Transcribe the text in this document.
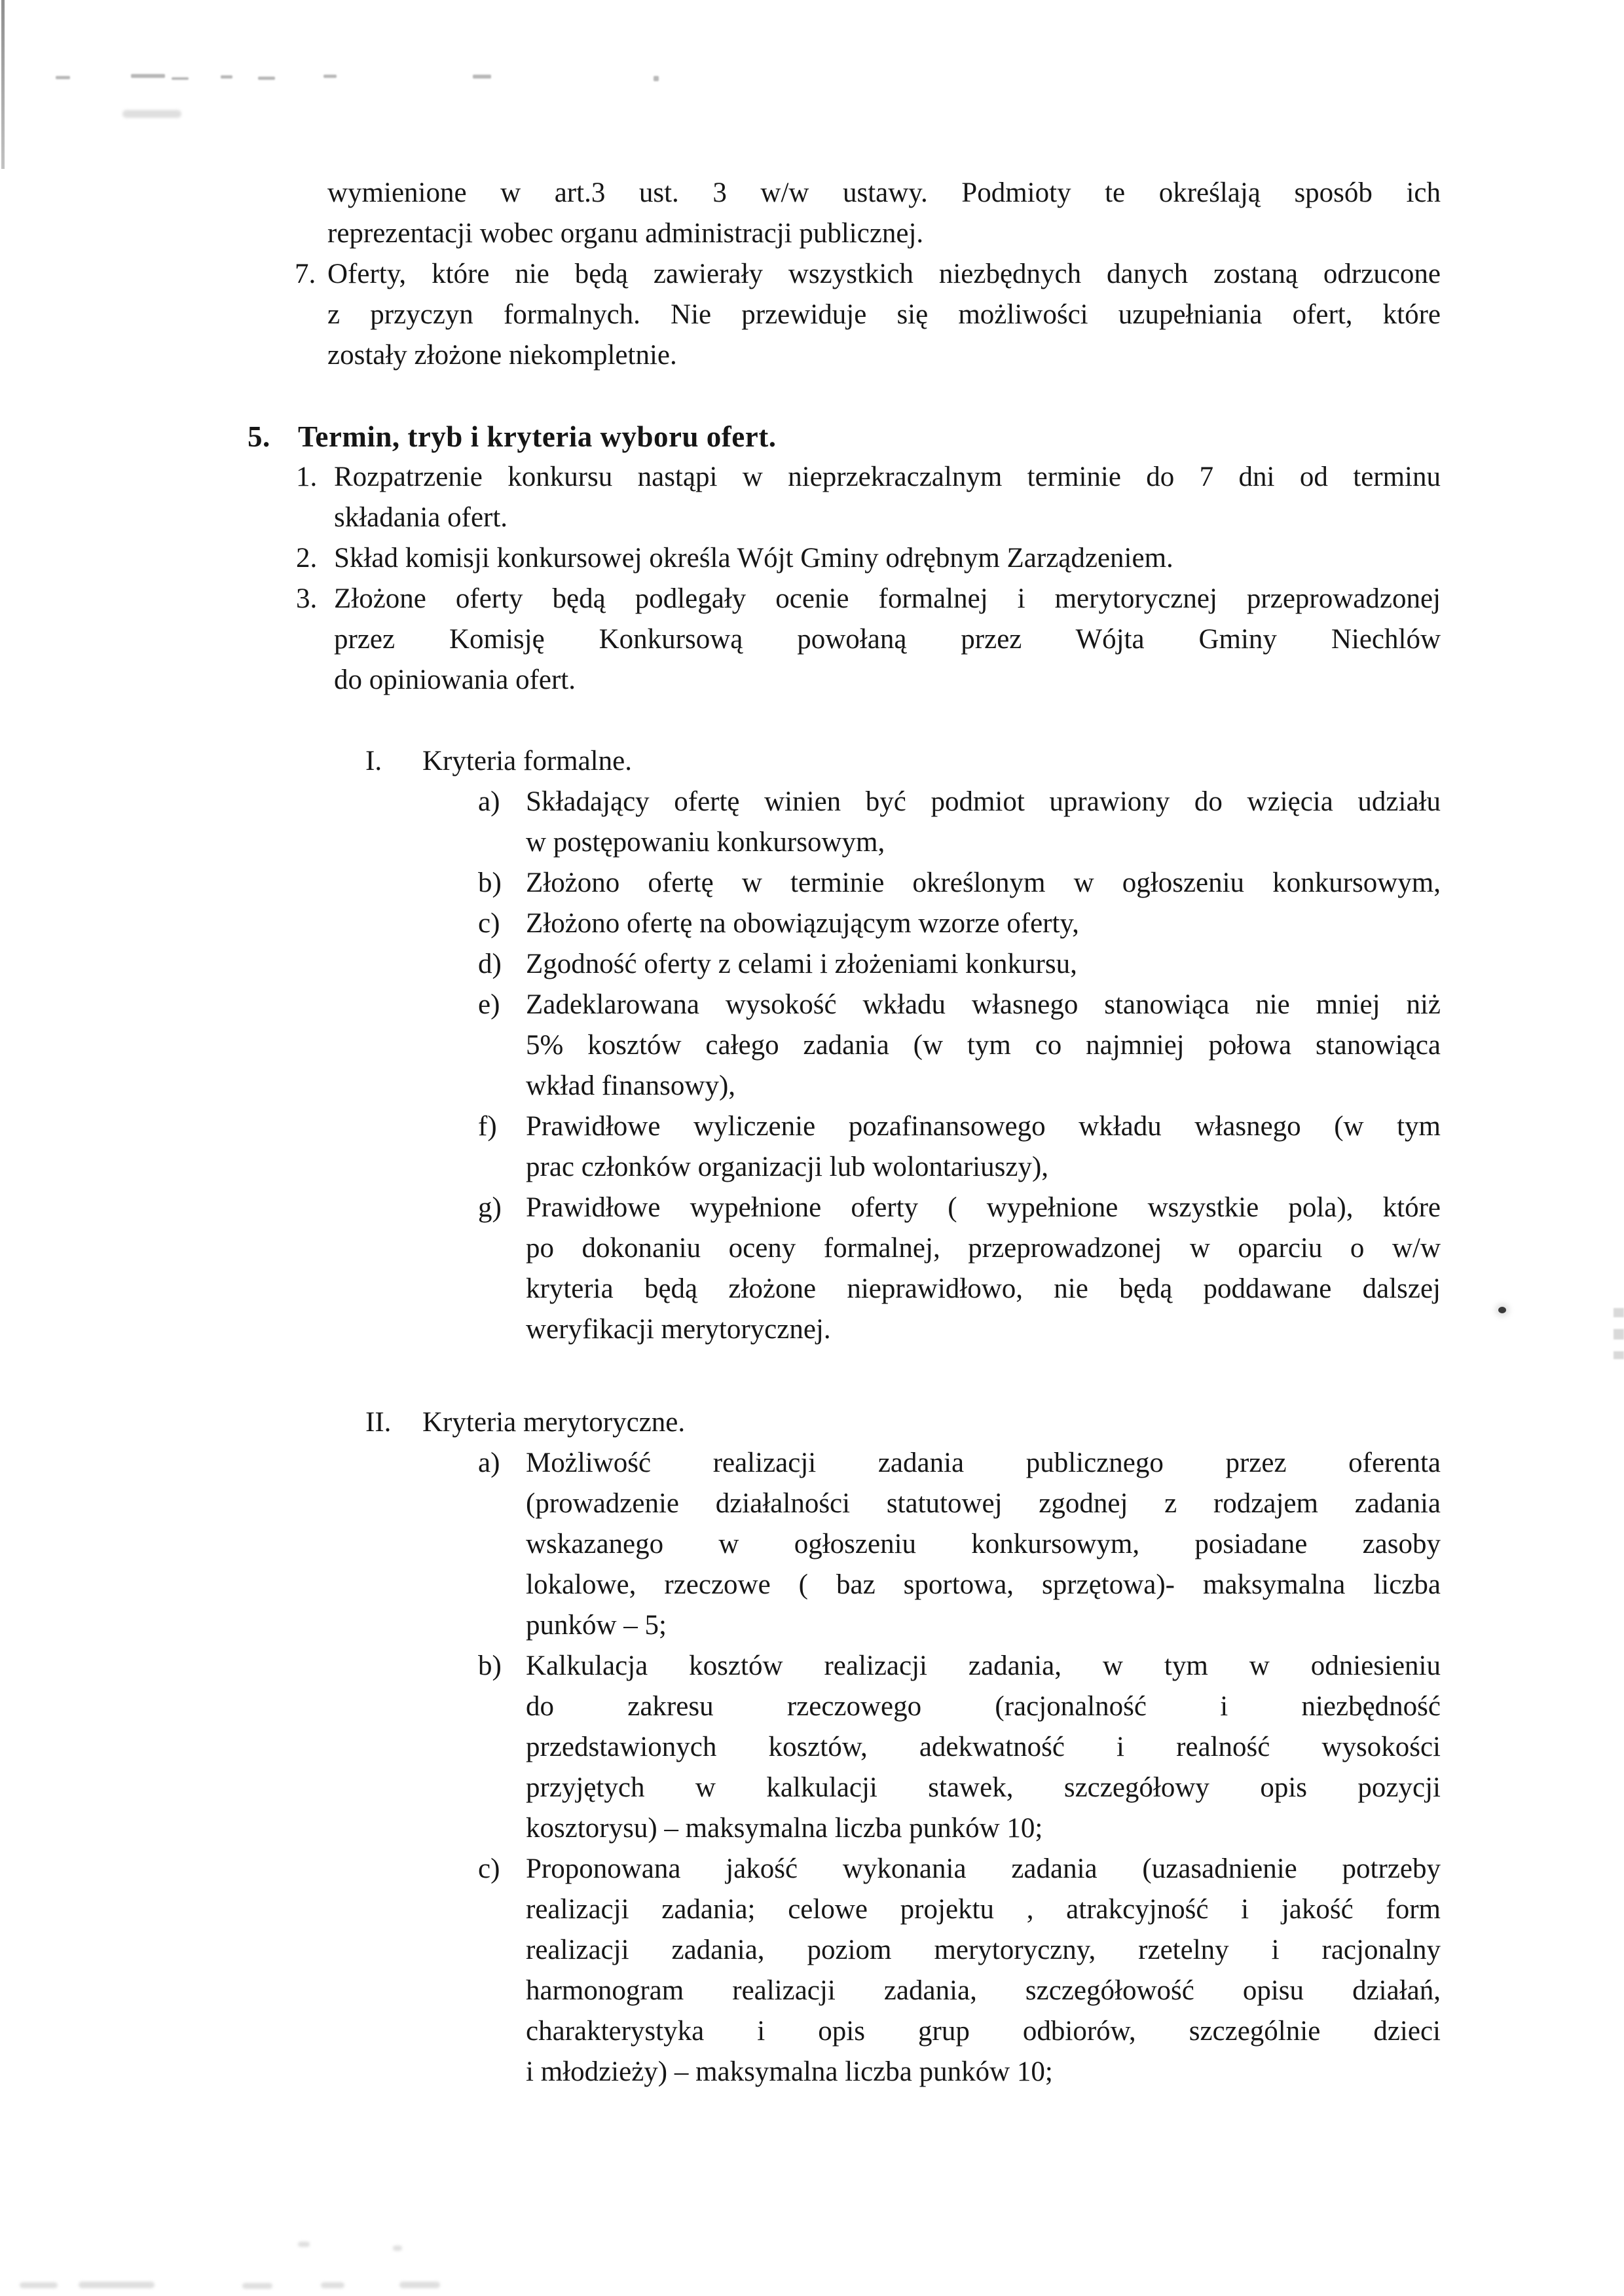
wymienione w art.3 ust. 3 w/w ustawy. Podmioty te określają sposób ich
reprezentacji wobec organu administracji publicznej.
7. Oferty, które nie będą zawierały wszystkich niezbędnych danych zostaną odrzucone
z przyczyn formalnych. Nie przewiduje się możliwości uzupełniania ofert, które
zostały złożone niekompletnie.
5. Termin, tryb i kryteria wyboru ofert.
1. Rozpatrzenie konkursu nastąpi w nieprzekraczalnym terminie do 7 dni od terminu
składania ofert.
2. Skład komisji konkursowej określa Wójt Gminy odrębnym Zarządzeniem.
3. Złożone oferty będą podlegały ocenie formalnej i merytorycznej przeprowadzonej
przez Komisję Konkursową powołaną przez Wójta Gminy Niechlów
do opiniowania ofert.
I. Kryteria formalne.
a) Składający ofertę winien być podmiot uprawiony do wzięcia udziału
w postępowaniu konkursowym,
b) Złożono ofertę w terminie określonym w ogłoszeniu konkursowym,
c) Złożono ofertę na obowiązującym wzorze oferty,
d) Zgodność oferty z celami i złożeniami konkursu,
e) Zadeklarowana wysokość wkładu własnego stanowiąca nie mniej niż
5% kosztów całego zadania (w tym co najmniej połowa stanowiąca
wkład finansowy),
f) Prawidłowe wyliczenie pozafinansowego wkładu własnego (w tym
prac członków organizacji lub wolontariuszy),
g) Prawidłowe wypełnione oferty ( wypełnione wszystkie pola), które
po dokonaniu oceny formalnej, przeprowadzonej w oparciu o w/w
kryteria będą złożone nieprawidłowo, nie będą poddawane dalszej
weryfikacji merytorycznej.
II. Kryteria merytoryczne.
a) Możliwość realizacji zadania publicznego przez oferenta
(prowadzenie działalności statutowej zgodnej z rodzajem zadania
wskazanego w ogłoszeniu konkursowym, posiadane zasoby
lokalowe, rzeczowe ( baz sportowa, sprzętowa)- maksymalna liczba
punków – 5;
b) Kalkulacja kosztów realizacji zadania, w tym w odniesieniu
do zakresu rzeczowego (racjonalność i niezbędność
przedstawionych kosztów, adekwatność i realność wysokości
przyjętych w kalkulacji stawek, szczegółowy opis pozycji
kosztorysu) – maksymalna liczba punków 10;
c) Proponowana jakość wykonania zadania (uzasadnienie potrzeby
realizacji zadania; celowe projektu , atrakcyjność i jakość form
realizacji zadania, poziom merytoryczny, rzetelny i racjonalny
harmonogram realizacji zadania, szczegółowość opisu działań,
charakterystyka i opis grup odbiorów, szczególnie dzieci
i młodzieży) – maksymalna liczba punków 10;
